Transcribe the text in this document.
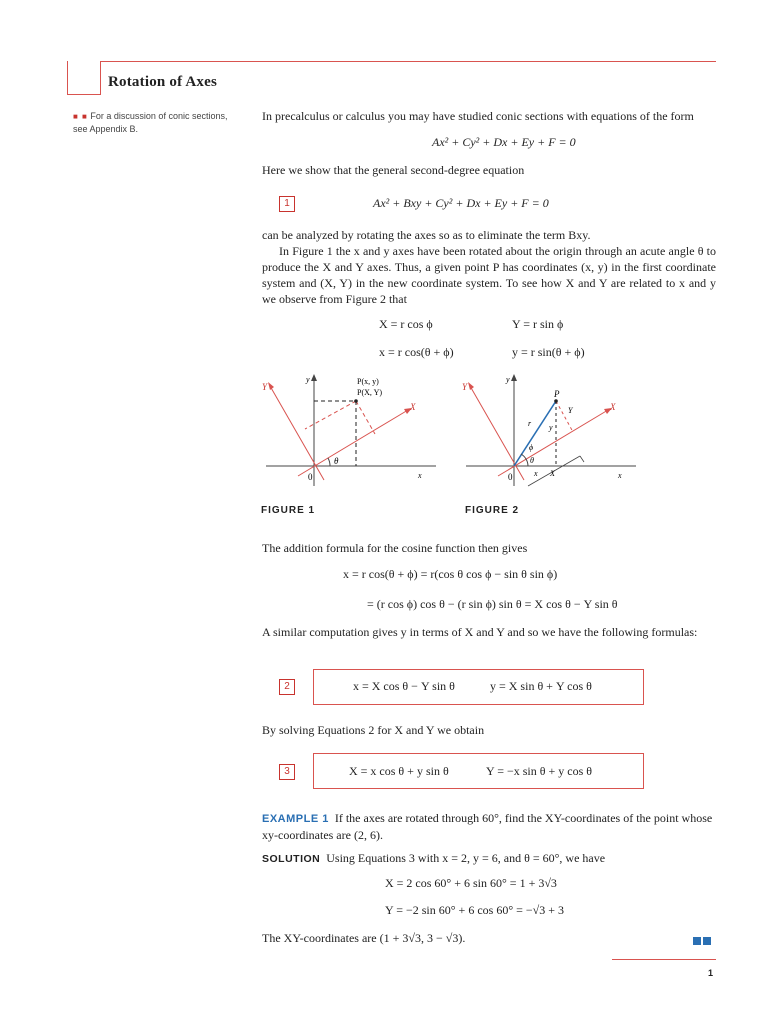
Rotation of Axes
■ ■ For a discussion of conic sections, see Appendix B.
In precalculus or calculus you may have studied conic sections with equations of the form
Ax² + Cy² + Dx + Ey + F = 0
Here we show that the general second-degree equation
1	Ax² + Bxy + Cy² + Dx + Ey + F = 0
can be analyzed by rotating the axes so as to eliminate the term Bxy.
In Figure 1 the x and y axes have been rotated about the origin through an acute angle θ to produce the X and Y axes. Thus, a given point P has coordinates (x, y) in the first coordinate system and (X, Y) in the new coordinate system. To see how X and Y are related to x and y we observe from Figure 2 that
X = r cos ϕ	Y = r sin ϕ
x = r cos(θ + ϕ)	y = r sin(θ + ϕ)
P(x, y)
P(X, Y)
y
x
X
Y
0
θ
FIGURE 1
P
y
x
X
Y
0
θ
ϕ
r y
x X
Y
FIGURE 2
The addition formula for the cosine function then gives
x = r cos(θ + ϕ) = r(cos θ cos ϕ − sin θ sin ϕ)
= (r cos ϕ) cos θ − (r sin ϕ) sin θ = X cos θ − Y sin θ
A similar computation gives y in terms of X and Y and so we have the following formulas:
2	x = X cos θ − Y sin θ	y = X sin θ + Y cos θ
By solving Equations 2 for X and Y we obtain
3	X = x cos θ + y sin θ	Y = −x sin θ + y cos θ
EXAMPLE 1 If the axes are rotated through 60°, find the XY-coordinates of the point whose xy-coordinates are (2, 6).
SOLUTION Using Equations 3 with x = 2, y = 6, and θ = 60°, we have
X = 2 cos 60° + 6 sin 60° = 1 + 3√3
Y = −2 sin 60° + 6 cos 60° = −√3 + 3
The XY-coordinates are (1 + 3√3, 3 − √3).
1
